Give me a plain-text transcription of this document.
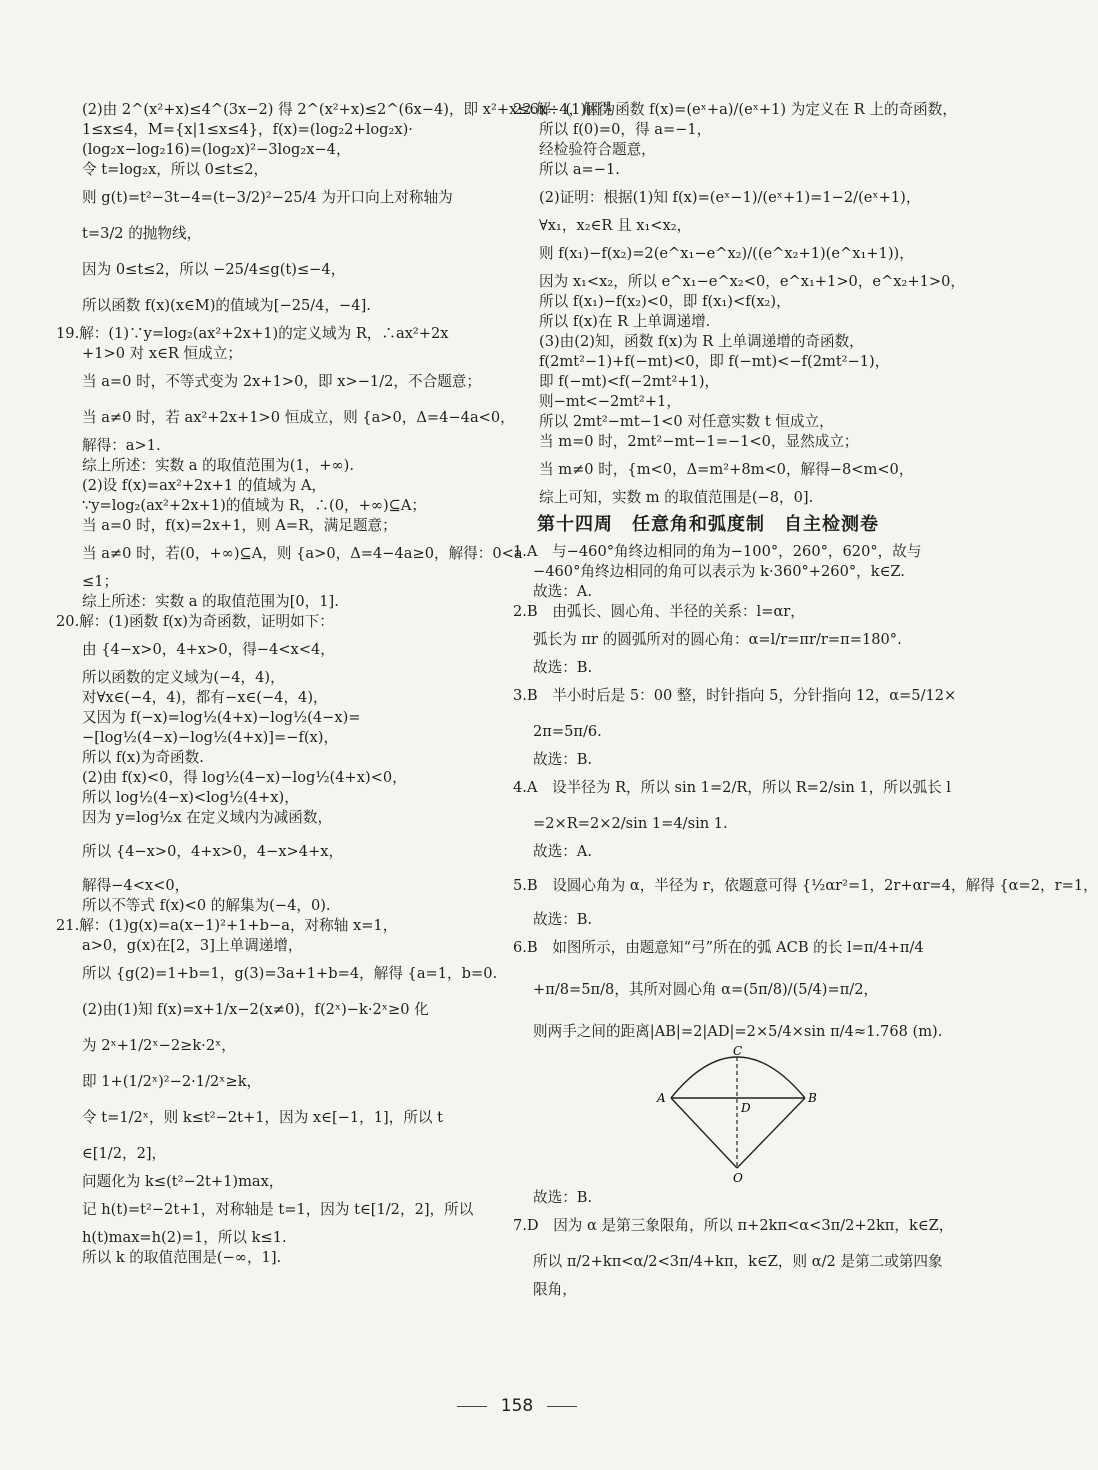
(2)由 2^(x²+x)≤4^(3x−2) 得 2^(x²+x)≤2^(6x−4)，即 x²+x≤6x−4，解得
1≤x≤4，M={x|1≤x≤4}，f(x)=(log₂2+log₂x)·
(log₂x−log₂16)=(log₂x)²−3log₂x−4，
令 t=log₂x，所以 0≤t≤2，
则 g(t)=t²−3t−4=(t−3/2)²−25/4 为开口向上对称轴为
t=3/2 的抛物线，
因为 0≤t≤2，所以 −25/4≤g(t)≤−4，
所以函数 f(x)(x∈M)的值域为[−25/4，−4].
19.解：(1)∵y=log₂(ax²+2x+1)的定义域为 R，∴ax²+2x
+1>0 对 x∈R 恒成立；
当 a=0 时，不等式变为 2x+1>0，即 x>−1/2，不合题意；
当 a≠0 时，若 ax²+2x+1>0 恒成立，则 {a>0，Δ=4−4a<0，
解得：a>1.
综上所述：实数 a 的取值范围为(1，+∞).
(2)设 f(x)=ax²+2x+1 的值域为 A，
∵y=log₂(ax²+2x+1)的值域为 R，∴(0，+∞)⊆A；
当 a=0 时，f(x)=2x+1，则 A=R，满足题意；
当 a≠0 时，若(0，+∞)⊆A，则 {a>0，Δ=4−4a≥0，解得：0<a
≤1；
综上所述：实数 a 的取值范围为[0，1].
20.解：(1)函数 f(x)为奇函数，证明如下：
由 {4−x>0，4+x>0，得−4<x<4，
所以函数的定义域为(−4，4)，
对∀x∈(−4，4)，都有−x∈(−4，4)，
又因为 f(−x)=log½(4+x)−log½(4−x)=
−[log½(4−x)−log½(4+x)]=−f(x)，
所以 f(x)为奇函数.
(2)由 f(x)<0，得 log½(4−x)−log½(4+x)<0，
所以 log½(4−x)<log½(4+x)，
因为 y=log½x 在定义域内为减函数，
所以 {4−x>0，4+x>0，4−x>4+x，
解得−4<x<0，
所以不等式 f(x)<0 的解集为(−4，0).
21.解：(1)g(x)=a(x−1)²+1+b−a，对称轴 x=1，
a>0，g(x)在[2，3]上单调递增，
所以 {g(2)=1+b=1，g(3)=3a+1+b=4，解得 {a=1，b=0.
(2)由(1)知 f(x)=x+1/x−2(x≠0)，f(2ˣ)−k·2ˣ≥0 化
为 2ˣ+1/2ˣ−2≥k·2ˣ，
即 1+(1/2ˣ)²−2·1/2ˣ≥k，
令 t=1/2ˣ，则 k≤t²−2t+1，因为 x∈[−1，1]，所以 t
∈[1/2，2]，
问题化为 k≤(t²−2t+1)max，
记 h(t)=t²−2t+1，对称轴是 t=1，因为 t∈[1/2，2]，所以
h(t)max=h(2)=1，所以 k≤1.
所以 k 的取值范围是(−∞，1].
22.解：(1)因为函数 f(x)=(eˣ+a)/(eˣ+1) 为定义在 R 上的奇函数，
所以 f(0)=0，得 a=−1，
经检验符合题意，
所以 a=−1.
(2)证明：根据(1)知 f(x)=(eˣ−1)/(eˣ+1)=1−2/(eˣ+1)，
∀x₁，x₂∈R 且 x₁<x₂，
则 f(x₁)−f(x₂)=2(e^x₁−e^x₂)/((e^x₂+1)(e^x₁+1))，
因为 x₁<x₂，所以 e^x₁−e^x₂<0，e^x₁+1>0，e^x₂+1>0，
所以 f(x₁)−f(x₂)<0，即 f(x₁)<f(x₂)，
所以 f(x)在 R 上单调递增.
(3)由(2)知，函数 f(x)为 R 上单调递增的奇函数，
f(2mt²−1)+f(−mt)<0，即 f(−mt)<−f(2mt²−1)，
即 f(−mt)<f(−2mt²+1)，
则−mt<−2mt²+1，
所以 2mt²−mt−1<0 对任意实数 t 恒成立，
当 m=0 时，2mt²−mt−1=−1<0，显然成立；
当 m≠0 时，{m<0，Δ=m²+8m<0，解得−8<m<0，
综上可知，实数 m 的取值范围是(−8，0].
第十四周　任意角和弧度制　自主检测卷
1.A　与−460°角终边相同的角为−100°，260°，620°，故与
−460°角终边相同的角可以表示为 k·360°+260°，k∈Z.
故选：A.
2.B　由弧长、圆心角、半径的关系：l=αr，
弧长为 πr 的圆弧所对的圆心角：α=l/r=πr/r=π=180°.
故选：B.
3.B　半小时后是 5：00 整，时针指向 5，分针指向 12，α=5/12×
2π=5π/6.
故选：B.
4.A　设半径为 R，所以 sin 1=2/R，所以 R=2/sin 1，所以弧长 l
=2×R=2×2/sin 1=4/sin 1.
故选：A.
5.B　设圆心角为 α，半径为 r，依题意可得 {½αr²=1，2r+αr=4，解得 {α=2，r=1，
故选：B.
6.B　如图所示，由题意知“弓”所在的弧 ACB 的长 l=π/4+π/4
+π/8=5π/8，其所对圆心角 α=(5π/8)/(5/4)=π/2，
则两手之间的距离|AB|=2|AD|=2×5/4×sin π/4≈1.768 (m).
C
A	B
D
O
故选：B.
7.D　因为 α 是第三象限角，所以 π+2kπ<α<3π/2+2kπ，k∈Z，
所以 π/2+kπ<α/2<3π/4+kπ，k∈Z，则 α/2 是第二或第四象
限角，
158
